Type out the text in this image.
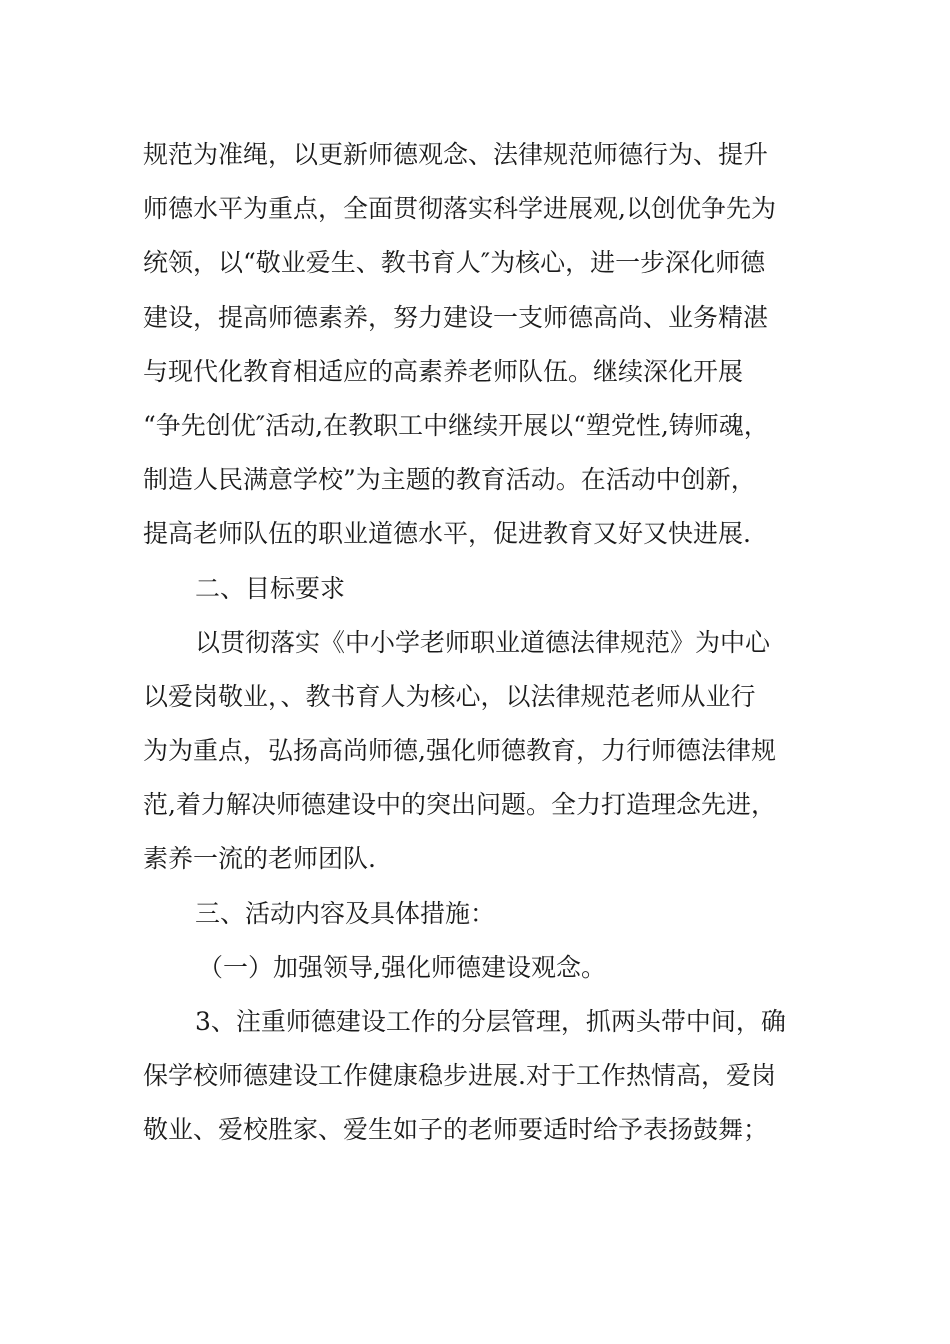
规范为准绳，以更新师德观念、法律规范师德行为、提升
师德水平为重点，全面贯彻落实科学进展观,以创优争先为
统领，以“敬业爱生、教书育人″为核心，进一步深化师德
建设，提高师德素养，努力建设一支师德高尚、业务精湛
与现代化教育相适应的高素养老师队伍。继续深化开展
“争先创优″活动,在教职工中继续开展以“塑党性,铸师魂，
制造人民满意学校”为主题的教育活动。在活动中创新，
提高老师队伍的职业道德水平，促进教育又好又快进展.
二、目标要求
以贯彻落实《中小学老师职业道德法律规范》为中心
以爱岗敬业，、教书育人为核心，以法律规范老师从业行
为为重点，弘扬高尚师德,强化师德教育，力行师德法律规
范,着力解决师德建设中的突出问题。全力打造理念先进，
素养一流的老师团队.
三、活动内容及具体措施：
（一）加强领导,强化师德建设观念。
3、注重师德建设工作的分层管理，抓两头带中间，确
保学校师德建设工作健康稳步进展.对于工作热情高，爱岗
敬业、爱校胜家、爱生如子的老师要适时给予表扬鼓舞；
